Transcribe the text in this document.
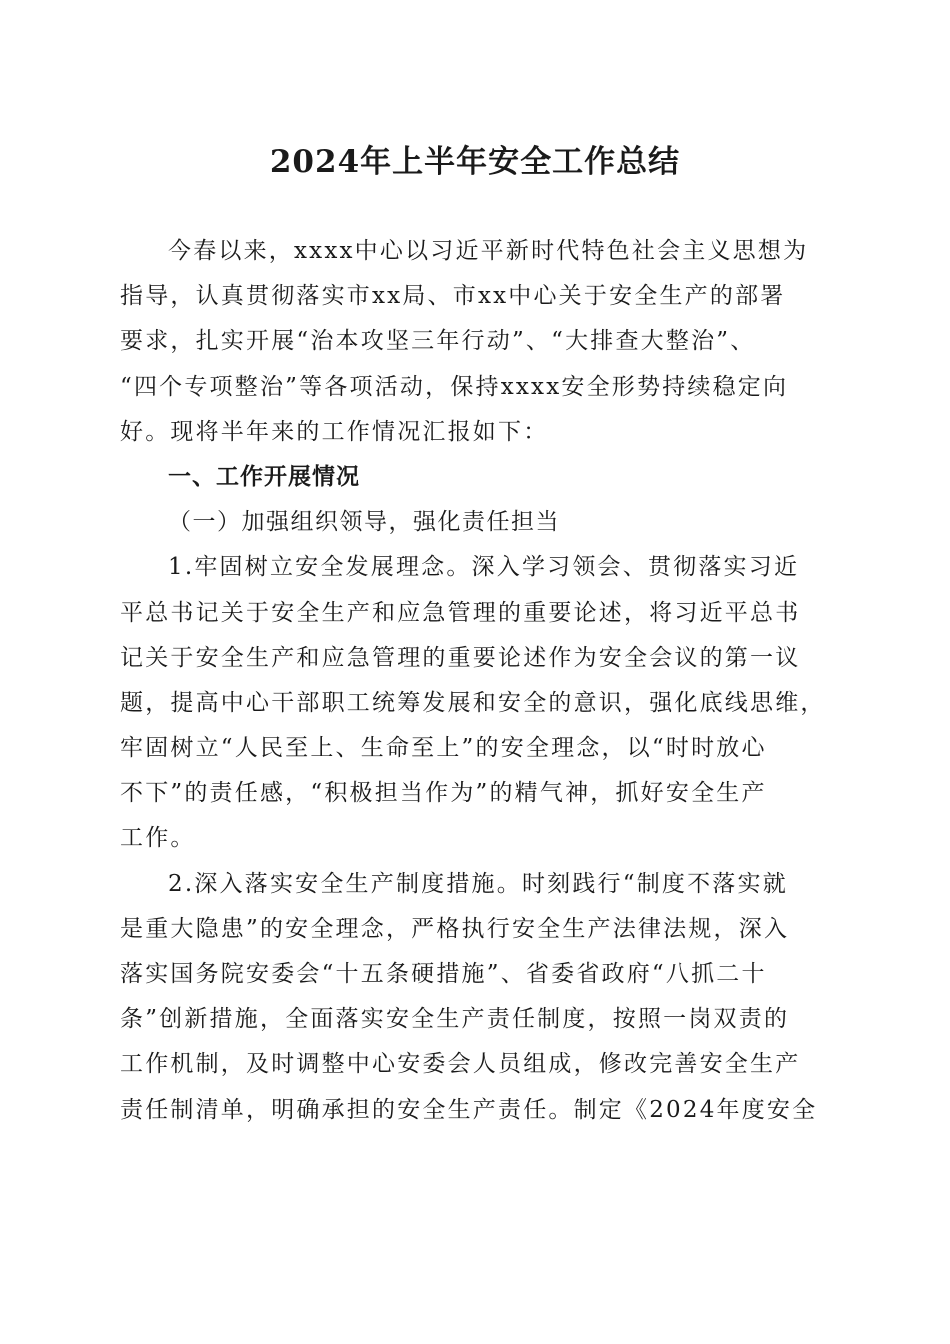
2024年上半年安全工作总结
今春以来，xxxx中心以习近平新时代特色社会主义思想为
指导，认真贯彻落实市xx局、市xx中心关于安全生产的部署
要求，扎实开展“治本攻坚三年行动”、“大排查大整治”、
“四个专项整治”等各项活动，保持xxxx安全形势持续稳定向
好。现将半年来的工作情况汇报如下：
一、工作开展情况
（一）加强组织领导，强化责任担当
1.牢固树立安全发展理念。深入学习领会、贯彻落实习近
平总书记关于安全生产和应急管理的重要论述，将习近平总书
记关于安全生产和应急管理的重要论述作为安全会议的第一议
题，提高中心干部职工统筹发展和安全的意识，强化底线思维，
牢固树立“人民至上、生命至上”的安全理念，以“时时放心
不下”的责任感，“积极担当作为”的精气神，抓好安全生产
工作。
2.深入落实安全生产制度措施。时刻践行“制度不落实就
是重大隐患”的安全理念，严格执行安全生产法律法规，深入
落实国务院安委会“十五条硬措施”、省委省政府“八抓二十
条”创新措施，全面落实安全生产责任制度，按照一岗双责的
工作机制，及时调整中心安委会人员组成，修改完善安全生产
责任制清单，明确承担的安全生产责任。制定《2024年度安全
